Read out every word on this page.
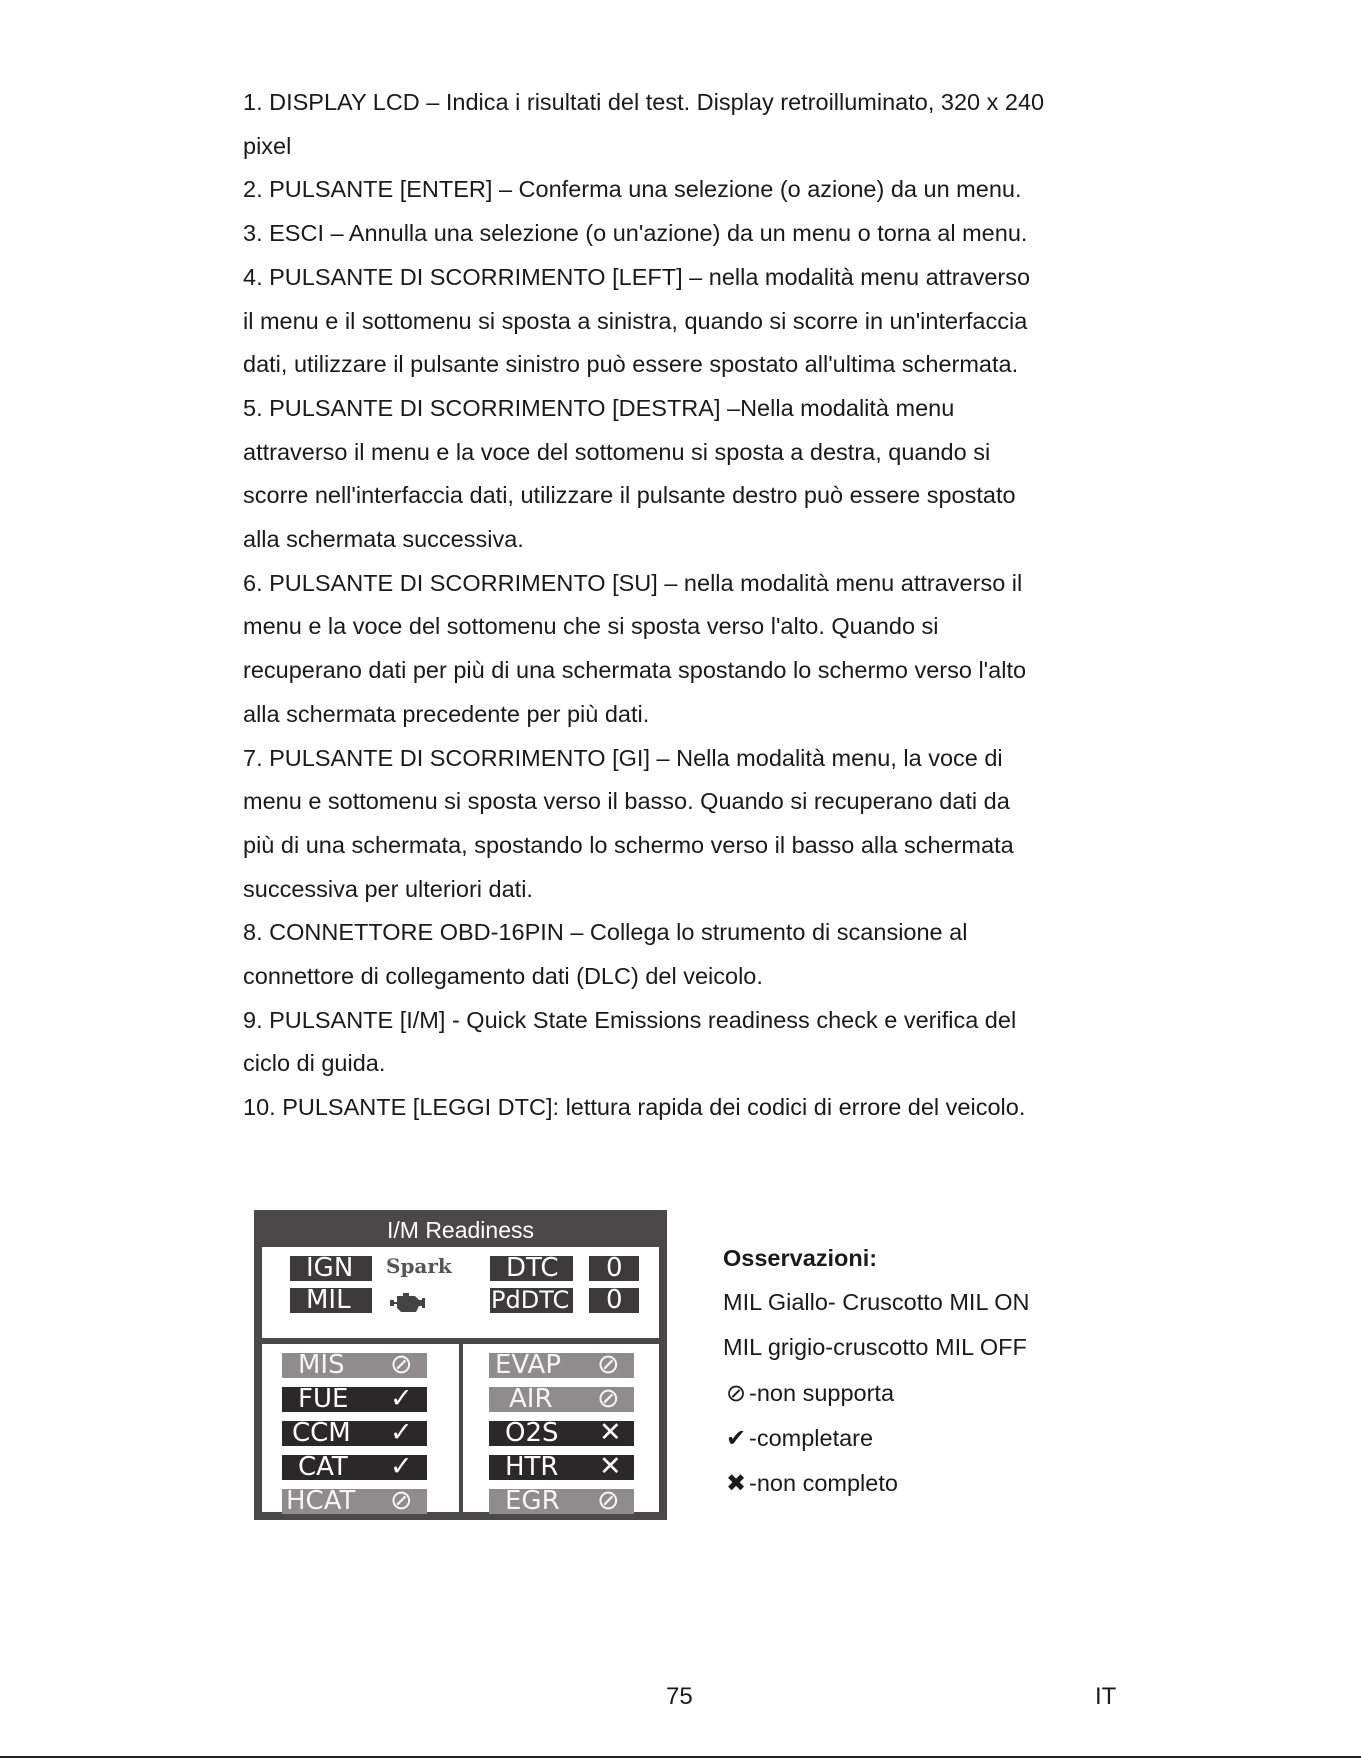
1. DISPLAY LCD – Indica i risultati del test. Display retroilluminato, 320 x 240

pixel

2. PULSANTE [ENTER] – Conferma una selezione (o azione) da un menu.

3. ESCI – Annulla una selezione (o un'azione) da un menu o torna al menu.

4. PULSANTE DI SCORRIMENTO [LEFT] – nella modalità menu attraverso

il menu e il sottomenu si sposta a sinistra, quando si scorre in un'interfaccia

dati, utilizzare il pulsante sinistro può essere spostato all'ultima schermata.

5. PULSANTE DI SCORRIMENTO [DESTRA] –Nella modalità menu

attraverso il menu e la voce del sottomenu si sposta a destra, quando si

scorre nell'interfaccia dati, utilizzare il pulsante destro può essere spostato

alla schermata successiva.

6. PULSANTE DI SCORRIMENTO [SU] – nella modalità menu attraverso il

menu e la voce del sottomenu che si sposta verso l'alto. Quando si

recuperano dati per più di una schermata spostando lo schermo verso l'alto

alla schermata precedente per più dati.

7. PULSANTE DI SCORRIMENTO [GI] – Nella modalità menu, la voce di

menu e sottomenu si sposta verso il basso. Quando si recuperano dati da

più di una schermata, spostando lo schermo verso il basso alla schermata

successiva per ulteriori dati.

8. CONNETTORE OBD-16PIN – Collega lo strumento di scansione al

connettore di collegamento dati (DLC) del veicolo.

9. PULSANTE [I/M] - Quick State Emissions readiness check e verifica del

ciclo di guida.

10. PULSANTE [LEGGI DTC]: lettura rapida dei codici di errore del veicolo.

I/M Readiness
IGN Spark
MIL
DTC 0
PdDTC 0
MIS ⊘
FUE ✓
CCM ✓
CAT ✓
HCAT ⊘
EVAP ⊘
AIR ⊘
O2S ✕
HTR ✕
EGR ⊘

Osservazioni:

MIL Giallo- Cruscotto MIL ON

MIL grigio-cruscotto MIL OFF

⊘ -non supporta

✔ -completare

✖ -non completo

75	IT
